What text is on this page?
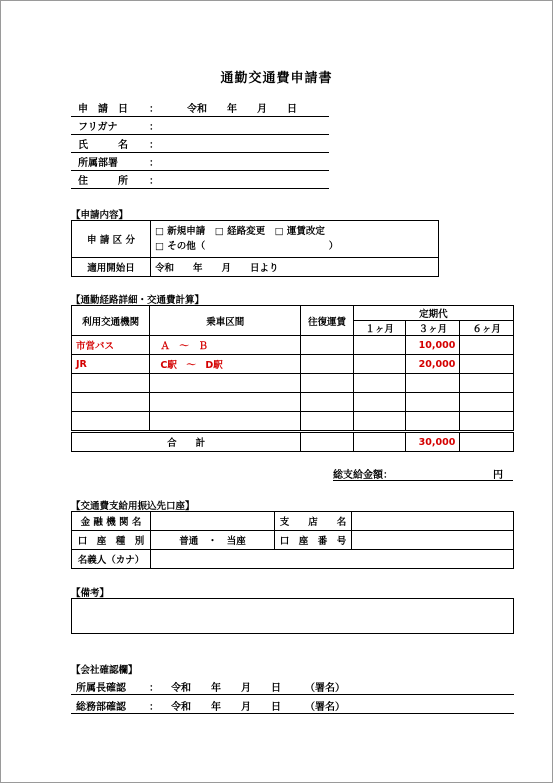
通勤交通費申請書
申　請　日 ：	令和　　年　　月　　日
フリガナ	：
氏　　　名 ：
所属部署	：
住　　　所 ：
【申請内容】
申 請 区 分	□ 新規申請　□ 経路変更　□ 運賃改定
□ その他（　　　　　　　　　　　　　）

適用開始日	令和　　年　　月　　日より
【通勤経路詳細・交通費計算】
利用交通機関	乗車区間	往復運賃	定期代		
			１ヶ月	３ヶ月	６ヶ月
市営バス	Ａ　～　Ｂ			10,000	
JR	C駅　～　D駅			20,000	

合　　計				30,000	
総支給金額：	円
【交通費支給用振込先口座】
金 融 機 関 名		支　　店　　名	
口　座　種　別	普通　・　当座	口　座　番　号	
名義人（カナ）			
【備考】
【会社確認欄】
所属長確認 ： 令和　　年　　月　　日 （署名）
総務部確認 ： 令和　　年　　月　　日 （署名）
